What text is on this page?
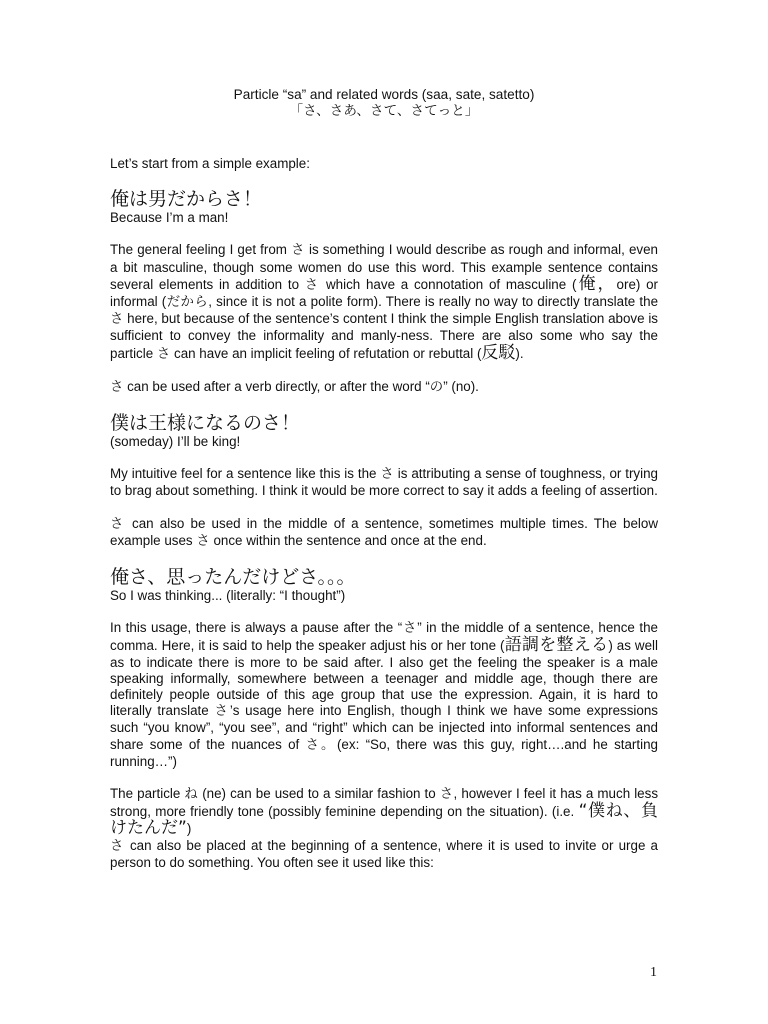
Particle “sa” and related words (saa, sate, satetto)

「さ、さあ、さて、さてっと」

Let’s start from a simple example:

俺は男だからさ！

Because I’m a man!

The general feeling I get from さ is something I would describe as rough and informal, even a bit masculine, though some women do use this word. This example sentence contains several elements in addition to さ which have a connotation of masculine (俺，ore) or informal (だから, since it is not a polite form). There is really no way to directly translate the さ here, but because of the sentence’s content I think the simple English translation above is sufficient to convey the informality and manly-ness. There are also some who say the particle さ can have an implicit feeling of refutation or rebuttal (反駁).

さ can be used after a verb directly, or after the word “の” (no).

僕は王様になるのさ！

(someday) I’ll be king!

My intuitive feel for a sentence like this is the さ is attributing a sense of toughness, or trying to brag about something. I think it would be more correct to say it adds a feeling of assertion.

さ can also be used in the middle of a sentence, sometimes multiple times. The below example uses さ once within the sentence and once at the end.

俺さ、思ったんだけどさ。。。

So I was thinking... (literally: “I thought”)

In this usage, there is always a pause after the “さ” in the middle of a sentence, hence the comma. Here, it is said to help the speaker adjust his or her tone (語調を整える) as well as to indicate there is more to be said after. I also get the feeling the speaker is a male speaking informally, somewhere between a teenager and middle age, though there are definitely people outside of this age group that use the expression. Again, it is hard to literally translate さ’s usage here into English, though I think we have some expressions such “you know”, “you see”, and “right” which can be injected into informal sentences and share some of the nuances of さ。(ex: “So, there was this guy, right….and he starting running…”)

The particle ね (ne) can be used to a similar fashion to さ, however I feel it has a much less strong, more friendly tone (possibly feminine depending on the situation). (i.e. “僕ね、負けたんだ”)

さ can also be placed at the beginning of a sentence, where it is used to invite or urge a person to do something. You often see it used like this:

1
